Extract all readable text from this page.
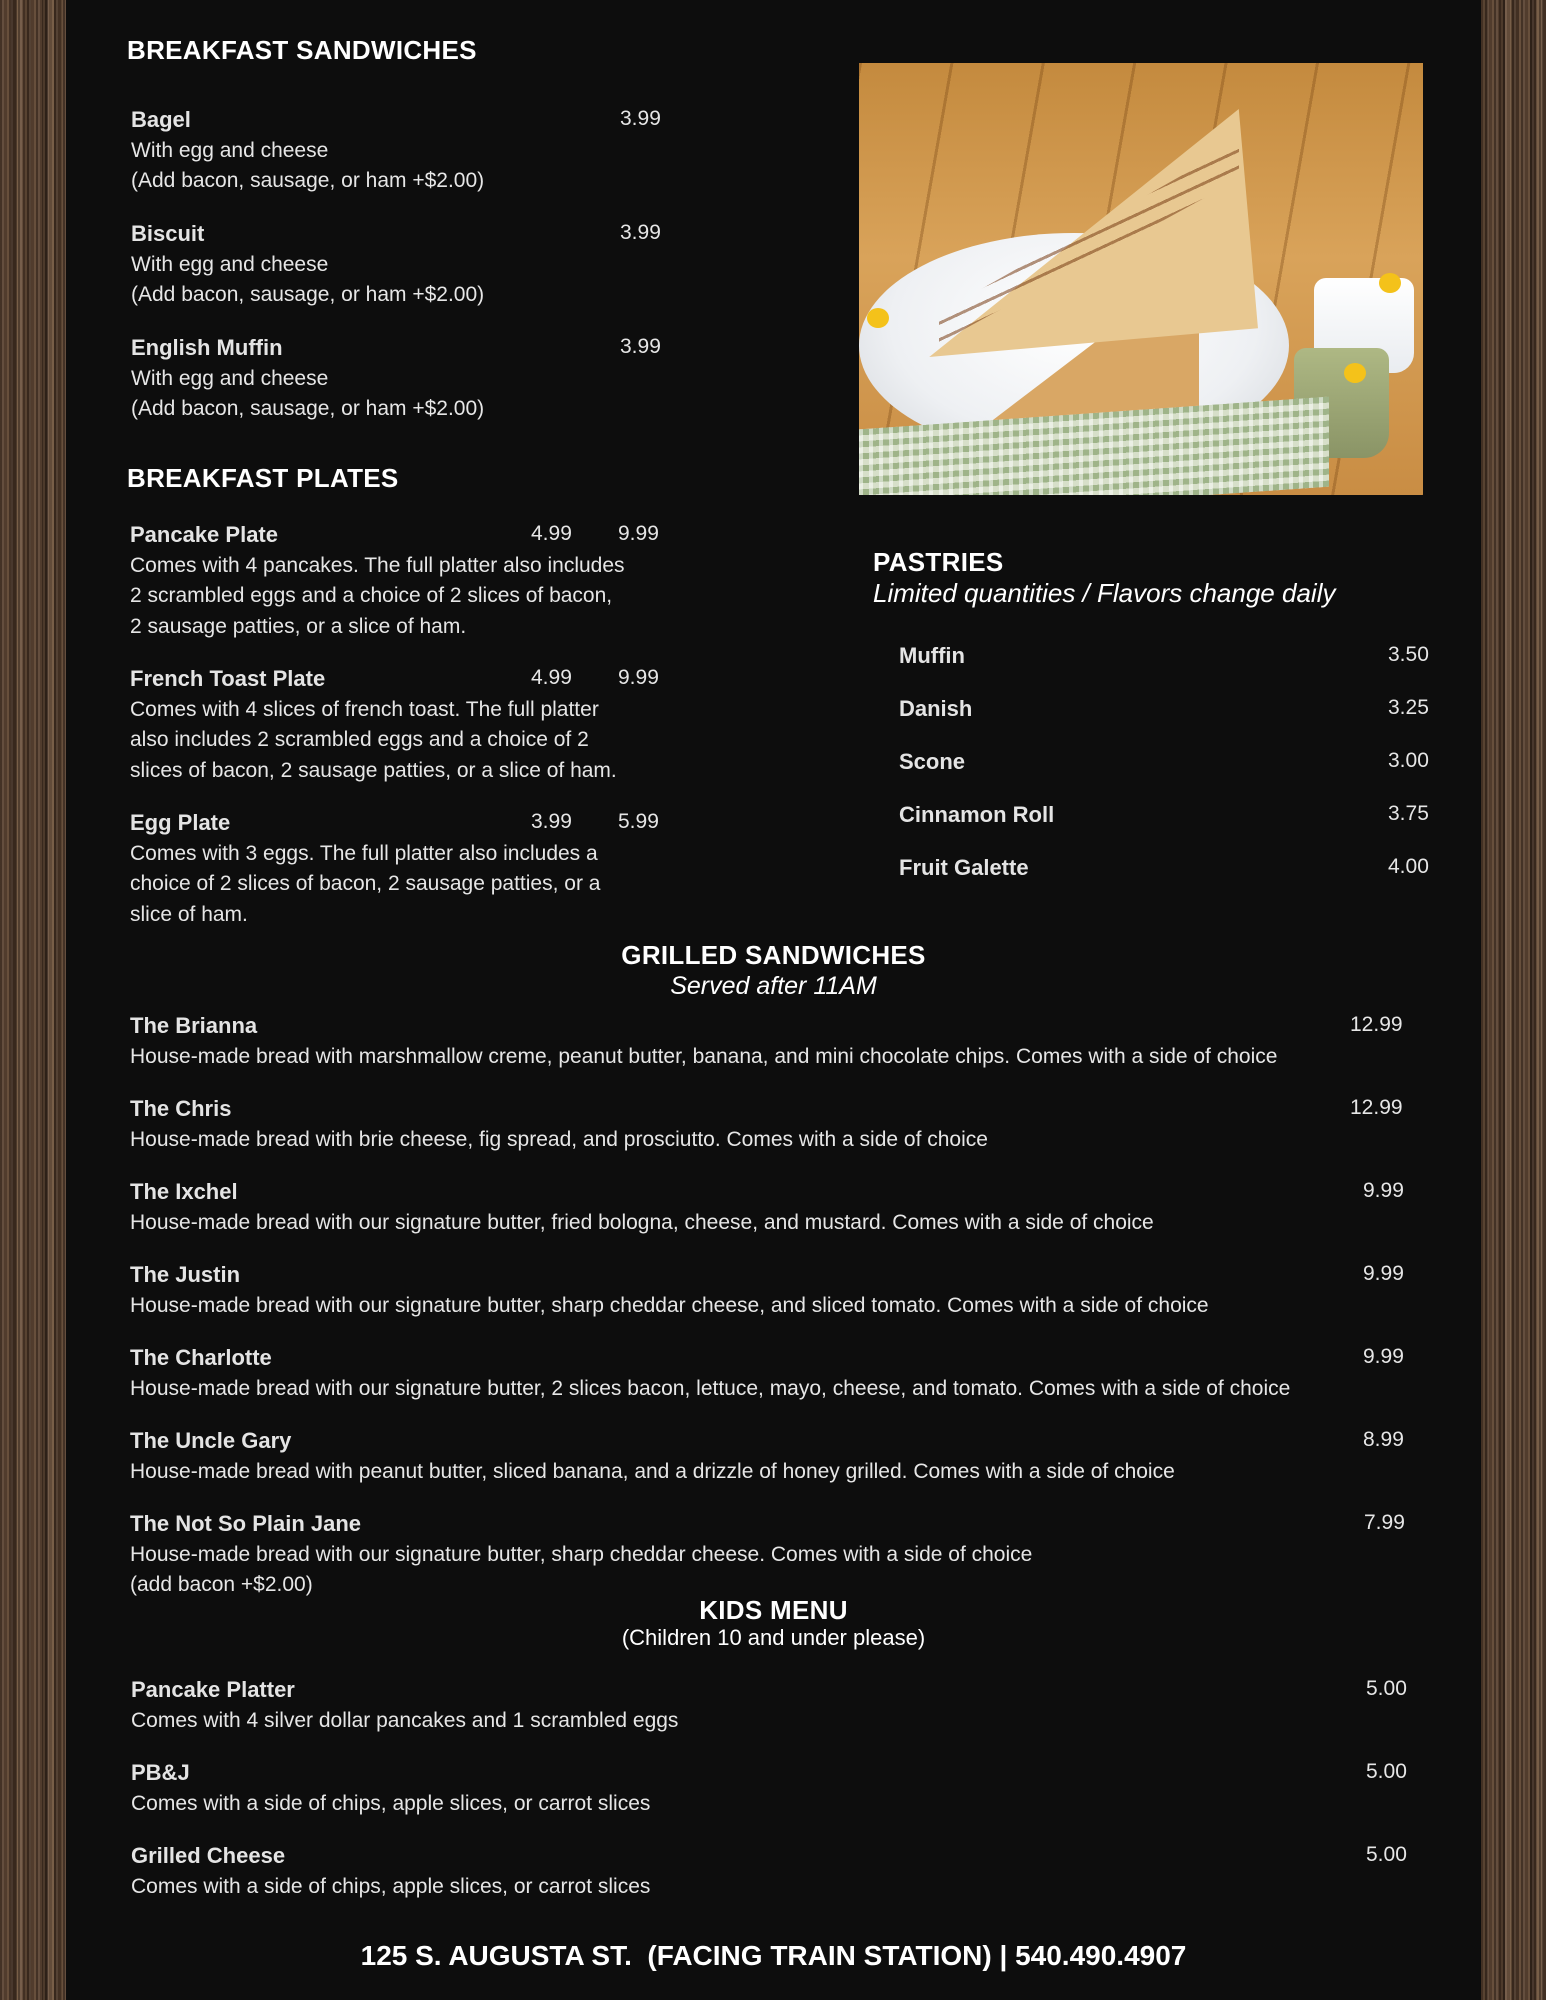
BREAKFAST SANDWICHES
Bagel	3.99
With egg and cheese
(Add bacon, sausage, or ham +$2.00)
Biscuit	3.99
With egg and cheese
(Add bacon, sausage, or ham +$2.00)
English Muffin	3.99
With egg and cheese
(Add bacon, sausage, or ham +$2.00)
BREAKFAST PLATES
Pancake Plate	4.99 9.99
Comes with 4 pancakes. The full platter also includes
2 scrambled eggs and a choice of 2 slices of bacon,
2 sausage patties, or a slice of ham.
French Toast Plate	4.99 9.99
Comes with 4 slices of french toast. The full platter
also includes 2 scrambled eggs and a choice of 2
slices of bacon, 2 sausage patties, or a slice of ham.
Egg Plate	3.99 5.99
Comes with 3 eggs. The full platter also includes a
choice of 2 slices of bacon, 2 sausage patties, or a
slice of ham.
PASTRIES
Limited quantities / Flavors change daily
Muffin	3.50
Danish	3.25
Scone	3.00
Cinnamon Roll	3.75
Fruit Galette	4.00
GRILLED SANDWICHES
Served after 11AM
The Brianna	12.99
House-made bread with marshmallow creme, peanut butter, banana, and mini chocolate chips. Comes with a side of choice
The Chris	12.99
House-made bread with brie cheese, fig spread, and prosciutto. Comes with a side of choice
The Ixchel	9.99
House-made bread with our signature butter, fried bologna, cheese, and mustard. Comes with a side of choice
The Justin	9.99
House-made bread with our signature butter, sharp cheddar cheese, and sliced tomato. Comes with a side of choice
The Charlotte	9.99
House-made bread with our signature butter, 2 slices bacon, lettuce, mayo, cheese, and tomato. Comes with a side of choice
The Uncle Gary	8.99
House-made bread with peanut butter, sliced banana, and a drizzle of honey grilled. Comes with a side of choice
The Not So Plain Jane	7.99
House-made bread with our signature butter, sharp cheddar cheese. Comes with a side of choice
(add bacon +$2.00)
KIDS MENU
(Children 10 and under please)
Pancake Platter	5.00
Comes with 4 silver dollar pancakes and 1 scrambled eggs
PB&J	5.00
Comes with a side of chips, apple slices, or carrot slices
Grilled Cheese	5.00
Comes with a side of chips, apple slices, or carrot slices
125 S. AUGUSTA ST.  (FACING TRAIN STATION) | 540.490.4907
